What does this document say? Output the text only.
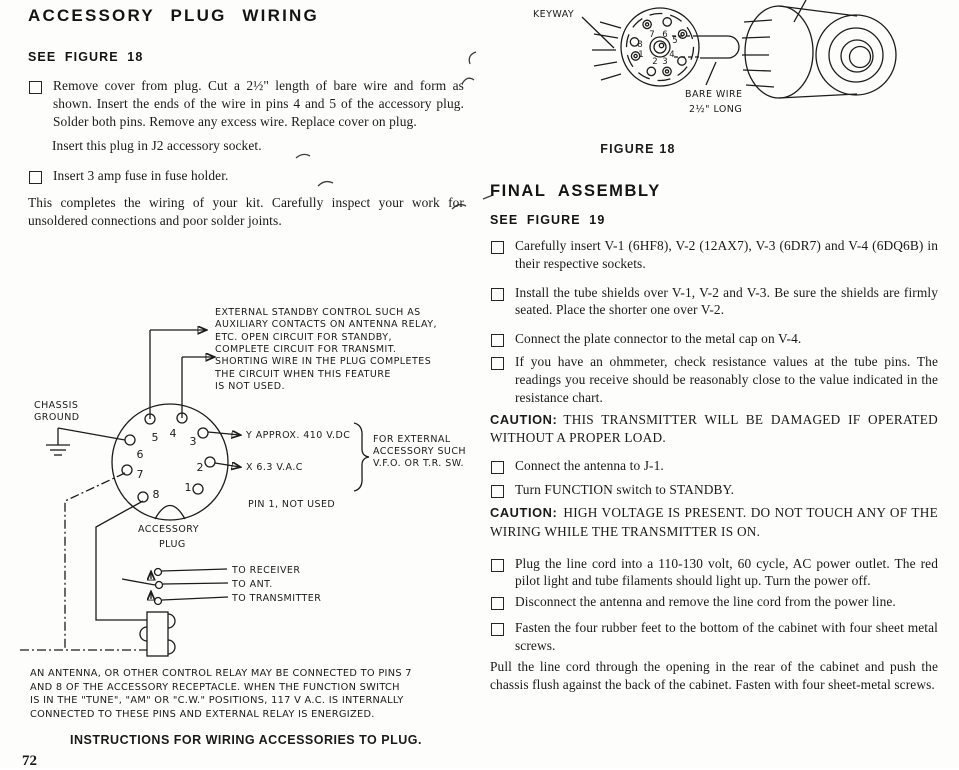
ACCESSORY PLUG WIRING
SEE FIGURE 18

Remove cover from plug. Cut a 2½" length of bare wire and form as shown. Insert the ends of the wire in pins 4 and 5 of the accessory plug. Solder both pins. Remove any excess wire. Replace cover on plug.

Insert this plug in J2 accessory socket.

Insert 3 amp fuse in fuse holder.

This completes the wiring of your kit. Carefully inspect your work for unsoldered connections and poor solder joints.

EXTERNAL STANDBY CONTROL SUCH AS
AUXILIARY CONTACTS ON ANTENNA RELAY,
ETC. OPEN CIRCUIT FOR STANDBY,
COMPLETE CIRCUIT FOR TRANSMIT.
SHORTING WIRE IN THE PLUG COMPLETES
THE CIRCUIT WHEN THIS FEATURE
IS NOT USED.
CHASSIS
GROUND
1
2
3
4
5
6
7
8
ACCESSORY
PLUG
Y APPROX. 410 V.DC
X 6.3 V.A.C
FOR EXTERNAL
ACCESSORY SUCH
V.F.O. OR T.R. SW.
PIN 1, NOT USED
TO RECEIVER
TO ANT.
TO TRANSMITTER
AN ANTENNA, OR OTHER CONTROL RELAY MAY BE CONNECTED TO PINS 7
AND 8 OF THE ACCESSORY RECEPTACLE. WHEN THE FUNCTION SWITCH
IS IN THE "TUNE", "AM" OR "C.W." POSITIONS, 117 V A.C. IS INTERNALLY
CONNECTED TO THESE PINS AND EXTERNAL RELAY IS ENERGIZED.
INSTRUCTIONS FOR WIRING ACCESSORIES TO PLUG.
72
KEYWAY
1
2 3
4
5
6
7
8
BARE WIRE
2½" LONG
FIGURE 18
FINAL ASSEMBLY
SEE FIGURE 19

Carefully insert V-1 (6HF8), V-2 (12AX7), V-3 (6DR7) and V-4 (6DQ6B) in their respective sockets.

Install the tube shields over V-1, V-2 and V-3. Be sure the shields are firmly seated. Place the shorter one over V-2.

Connect the plate connector to the metal cap on V-4.

If you have an ohmmeter, check resistance values at the tube pins. The readings you receive should be reasonably close to the value indicated in the resistance chart.

CAUTION: THIS TRANSMITTER WILL BE DAMAGED IF OPERATED WITHOUT A PROPER LOAD.

Connect the antenna to J-1.

Turn FUNCTION switch to STANDBY.

CAUTION: HIGH VOLTAGE IS PRESENT. DO NOT TOUCH ANY OF THE WIRING WHILE THE TRANSMITTER IS ON.

Plug the line cord into a 110-130 volt, 60 cycle, AC power outlet. The red pilot light and tube filaments should light up. Turn the power off.

Disconnect the antenna and remove the line cord from the power line.

Fasten the four rubber feet to the bottom of the cabinet with four sheet metal screws.

Pull the line cord through the opening in the rear of the cabinet and push the chassis flush against the back of the cabinet. Fasten with four sheet-metal screws.
